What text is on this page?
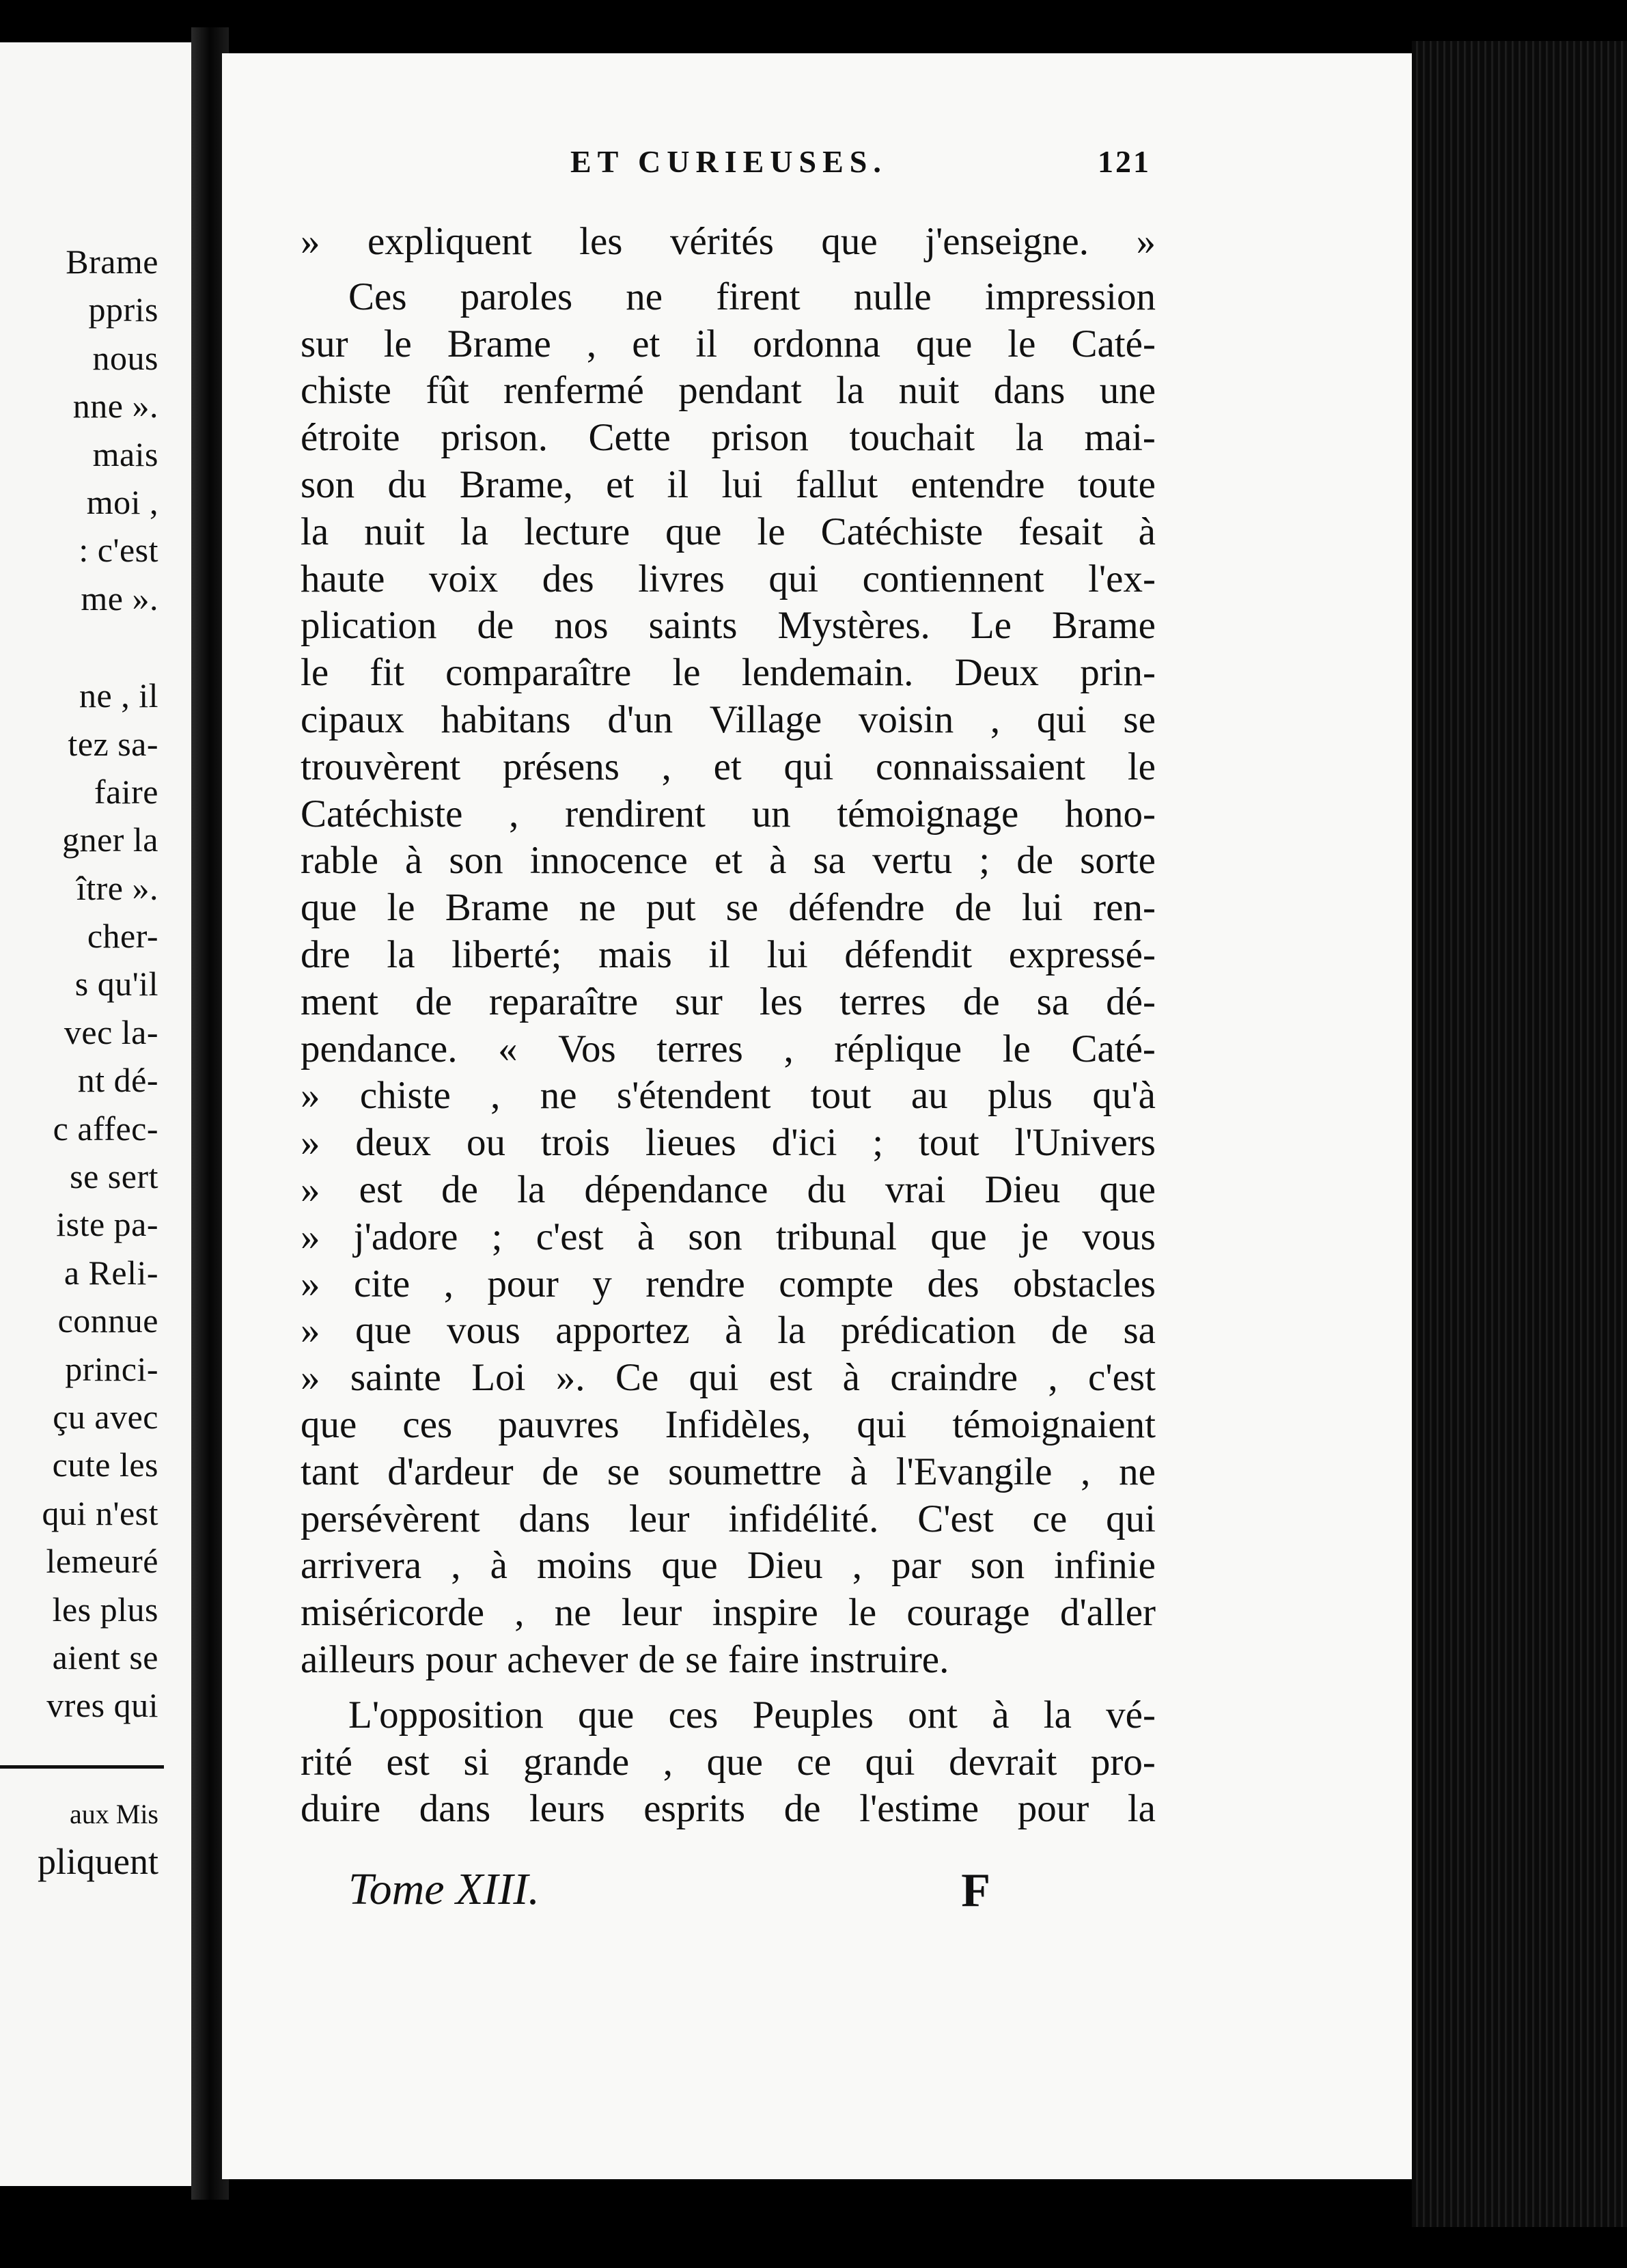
Brame
ppris
nous
nne ».
mais
moi ,
: c'est
me ».
ne , il
tez sa-
faire
gner la
ître ».
cher-
s qu'il
vec la-
nt dé-
c affec-
se sert
iste pa-
a Reli-
connue
princi-
çu avec
cute les
qui n'est
lemeuré
les plus
aient se
vres qui
aux Mis
pliquent
ET CURIEUSES.	121
» expliquent les vérités que j'enseigne. »
Ces paroles ne firent nulle impression
sur le Brame , et il ordonna que le Caté-
chiste fût renfermé pendant la nuit dans une
étroite prison. Cette prison touchait la mai-
son du Brame, et il lui fallut entendre toute
la nuit la lecture que le Catéchiste fesait à
haute voix des livres qui contiennent l'ex-
plication de nos saints Mystères. Le Brame
le fit comparaître le lendemain. Deux prin-
cipaux habitans d'un Village voisin , qui se
trouvèrent présens , et qui connaissaient le
Catéchiste , rendirent un témoignage hono-
rable à son innocence et à sa vertu ; de sorte
que le Brame ne put se défendre de lui ren-
dre la liberté; mais il lui défendit expressé-
ment de reparaître sur les terres de sa dé-
pendance. « Vos terres , réplique le Caté-
» chiste , ne s'étendent tout au plus qu'à
» deux ou trois lieues d'ici ; tout l'Univers
» est de la dépendance du vrai Dieu que
» j'adore ; c'est à son tribunal que je vous
» cite , pour y rendre compte des obstacles
» que vous apportez à la prédication de sa
» sainte Loi ». Ce qui est à craindre , c'est
que ces pauvres Infidèles, qui témoignaient
tant d'ardeur de se soumettre à l'Evangile , ne
persévèrent dans leur infidélité. C'est ce qui
arrivera , à moins que Dieu , par son infinie
miséricorde , ne leur inspire le courage d'aller
ailleurs pour achever de se faire instruire.
L'opposition que ces Peuples ont à la vé-
rité est si grande , que ce qui devrait pro-
duire dans leurs esprits de l'estime pour la
Tome XIII.	F
